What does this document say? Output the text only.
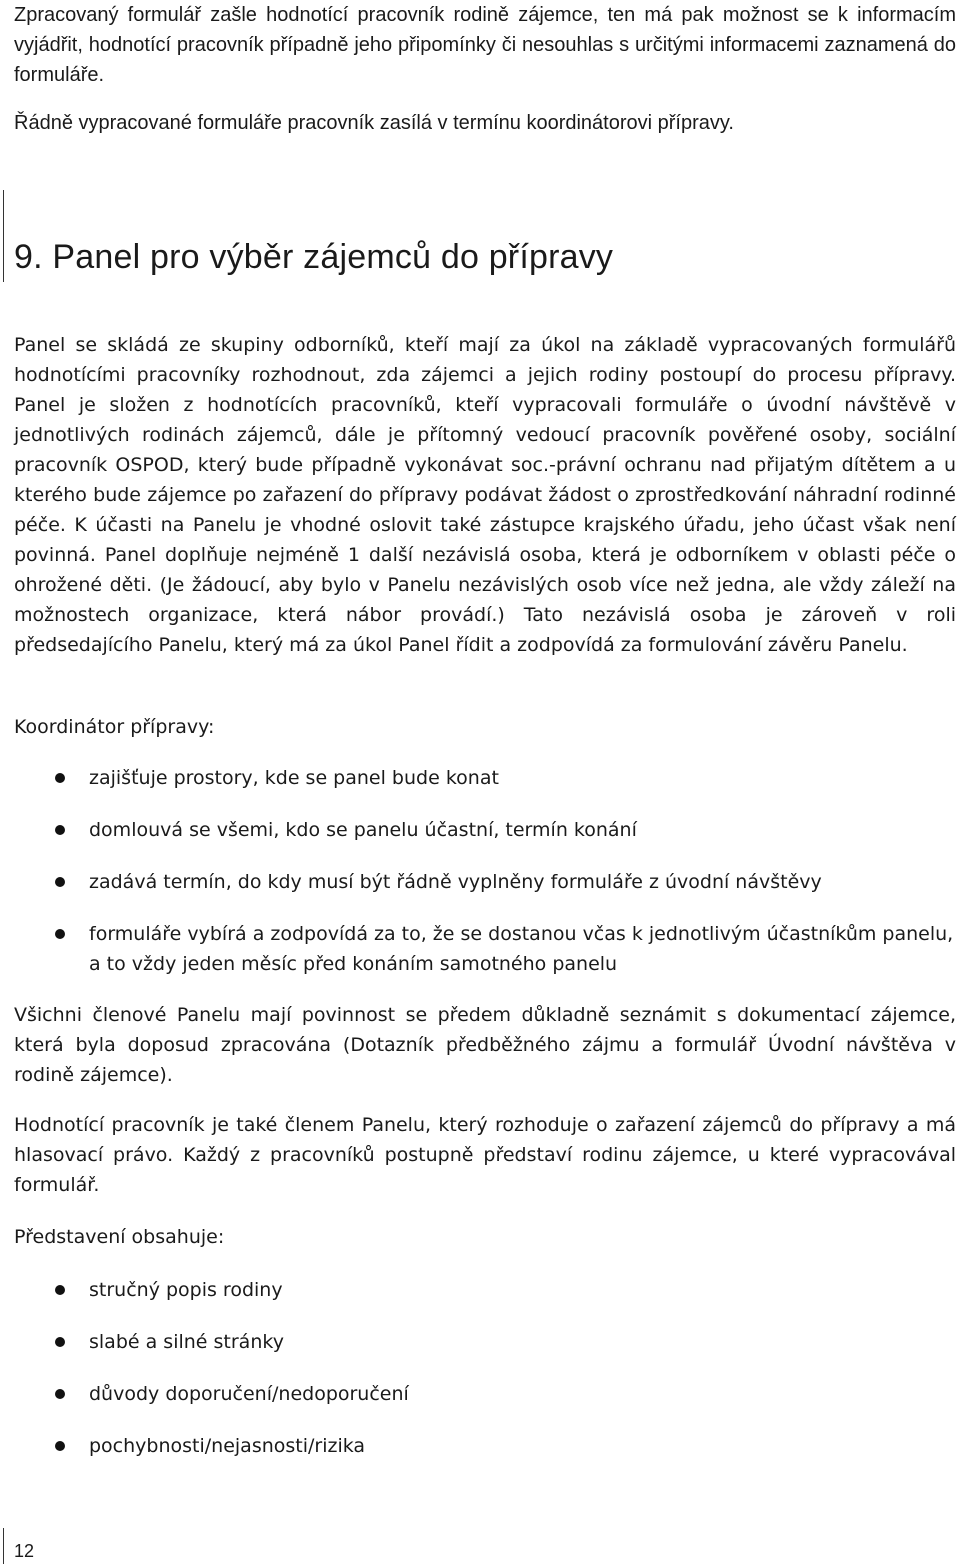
Zpracovaný formulář zašle hodnotící pracovník rodině zájemce, ten má pak možnost se k informacím vyjádřit, hodnotící pracovník případně jeho připomínky či nesouhlas s určitými informacemi zaznamená do formuláře.

Řádně vypracované formuláře pracovník zasílá v termínu koordinátorovi přípravy.

9. Panel pro výběr zájemců do přípravy

Panel se skládá ze skupiny odborníků, kteří mají za úkol na základě vypracovaných formulářů hodnotícími pracovníky rozhodnout, zda zájemci a jejich rodiny postoupí do procesu přípravy. Panel je složen z hodnotících pracovníků, kteří vypracovali formuláře o úvodní návštěvě v jednotlivých rodinách zájemců, dále je přítomný vedoucí pracovník pověřené osoby, sociální pracovník OSPOD, který bude případně vykonávat soc.-právní ochranu nad přijatým dítětem a u kterého bude zájemce po zařazení do přípravy podávat žádost o zprostředkování náhradní rodinné péče. K účasti na Panelu je vhodné oslovit také zástupce krajského úřadu, jeho účast však není povinná. Panel doplňuje nejméně 1 další nezávislá osoba, která je odborníkem v oblasti péče o ohrožené děti. (Je žádoucí, aby bylo v Panelu nezávislých osob více než jedna, ale vždy záleží na možnostech organizace, která nábor provádí.) Tato nezávislá osoba je zároveň v roli předsedajícího Panelu, který má za úkol Panel řídit a zodpovídá za formulování závěru Panelu.

Koordinátor přípravy:

zajišťuje prostory, kde se panel bude konat
domlouvá se všemi, kdo se panelu účastní, termín konání
zadává termín, do kdy musí být řádně vyplněny formuláře z úvodní návštěvy
formuláře vybírá a zodpovídá za to, že se dostanou včas k jednotlivým účastníkům panelu, a to vždy jeden měsíc před konáním samotného panelu

Všichni členové Panelu mají povinnost se předem důkladně seznámit s dokumentací zájemce, která byla doposud zpracována (Dotazník předběžného zájmu a formulář Úvodní návštěva v rodině zájemce).

Hodnotící pracovník je také členem Panelu, který rozhoduje o zařazení zájemců do přípravy a má hlasovací právo. Každý z pracovníků postupně představí rodinu zájemce, u které vypracovával formulář.

Představení obsahuje:

stručný popis rodiny
slabé a silné stránky
důvody doporučení/nedoporučení
pochybnosti/nejasnosti/rizika
12
